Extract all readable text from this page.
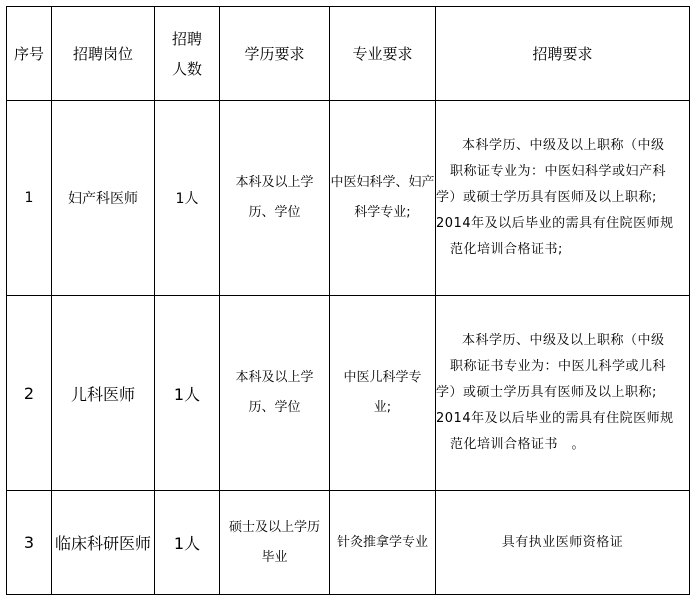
序号	招聘岗位	招聘人数	学历要求	专业要求	招聘要求
1	妇产科医师	1人	本科及以上学历、学位	中医妇科学、妇产科学专业;	本科学历、中级及以上职称（中级
职称证专业为：中医妇科学或妇产科
学）或硕士学历具有医师及以上职称;
2014年及以后毕业的需具有住院医师规
范化培训合格证书;

2	儿科医师	1人	本科及以上学历、学位	中医儿科学专业;	本科学历、中级及以上职称（中级
职称证书专业为：中医儿科学或儿科
学）或硕士学历具有医师及以上职称;
2014年及以后毕业的需具有住院医师规
范化培训合格证书　。

3	临床科研医师	1人	硕士及以上学历毕业	针灸推拿学专业	具有执业医师资格证
